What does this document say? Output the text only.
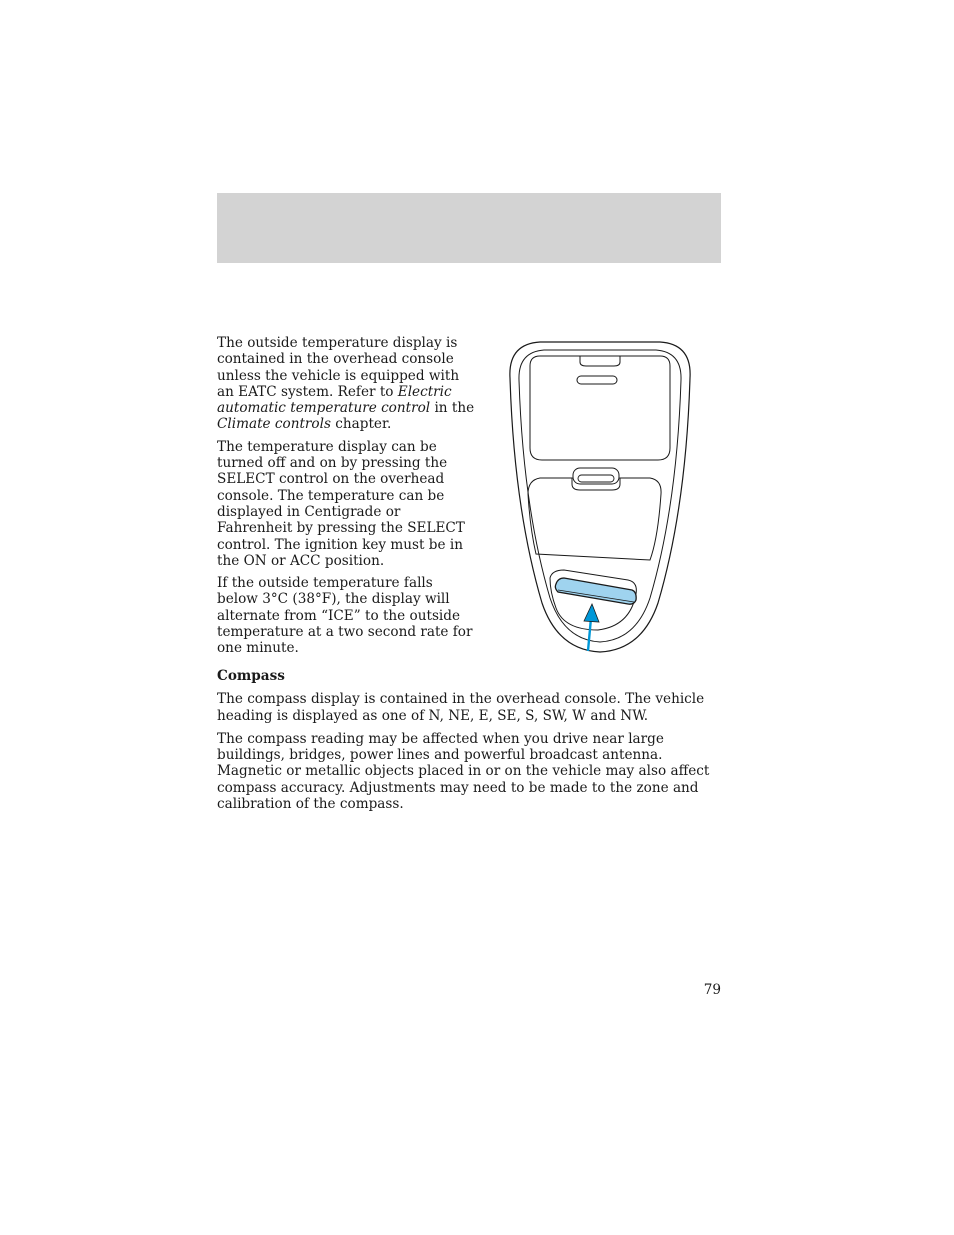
The outside temperature display is contained in the overhead console unless the vehicle is equipped with an EATC system. Refer to Electric automatic temperature control in the Climate controls chapter.

The temperature display can be turned off and on by pressing the SELECT control on the overhead console. The temperature can be displayed in Centigrade or Fahrenheit by pressing the SELECT control. The ignition key must be in the ON or ACC position.

If the outside temperature falls below 3°C (38°F), the display will alternate from “ICE” to the outside temperature at a two second rate for one minute.

Compass

The compass display is contained in the overhead console. The vehicle heading is displayed as one of N, NE, E, SE, S, SW, W and NW.

The compass reading may be affected when you drive near large buildings, bridges, power lines and powerful broadcast antenna. Magnetic or metallic objects placed in or on the vehicle may also affect compass accuracy. Adjustments may need to be made to the zone and calibration of the compass.

79
